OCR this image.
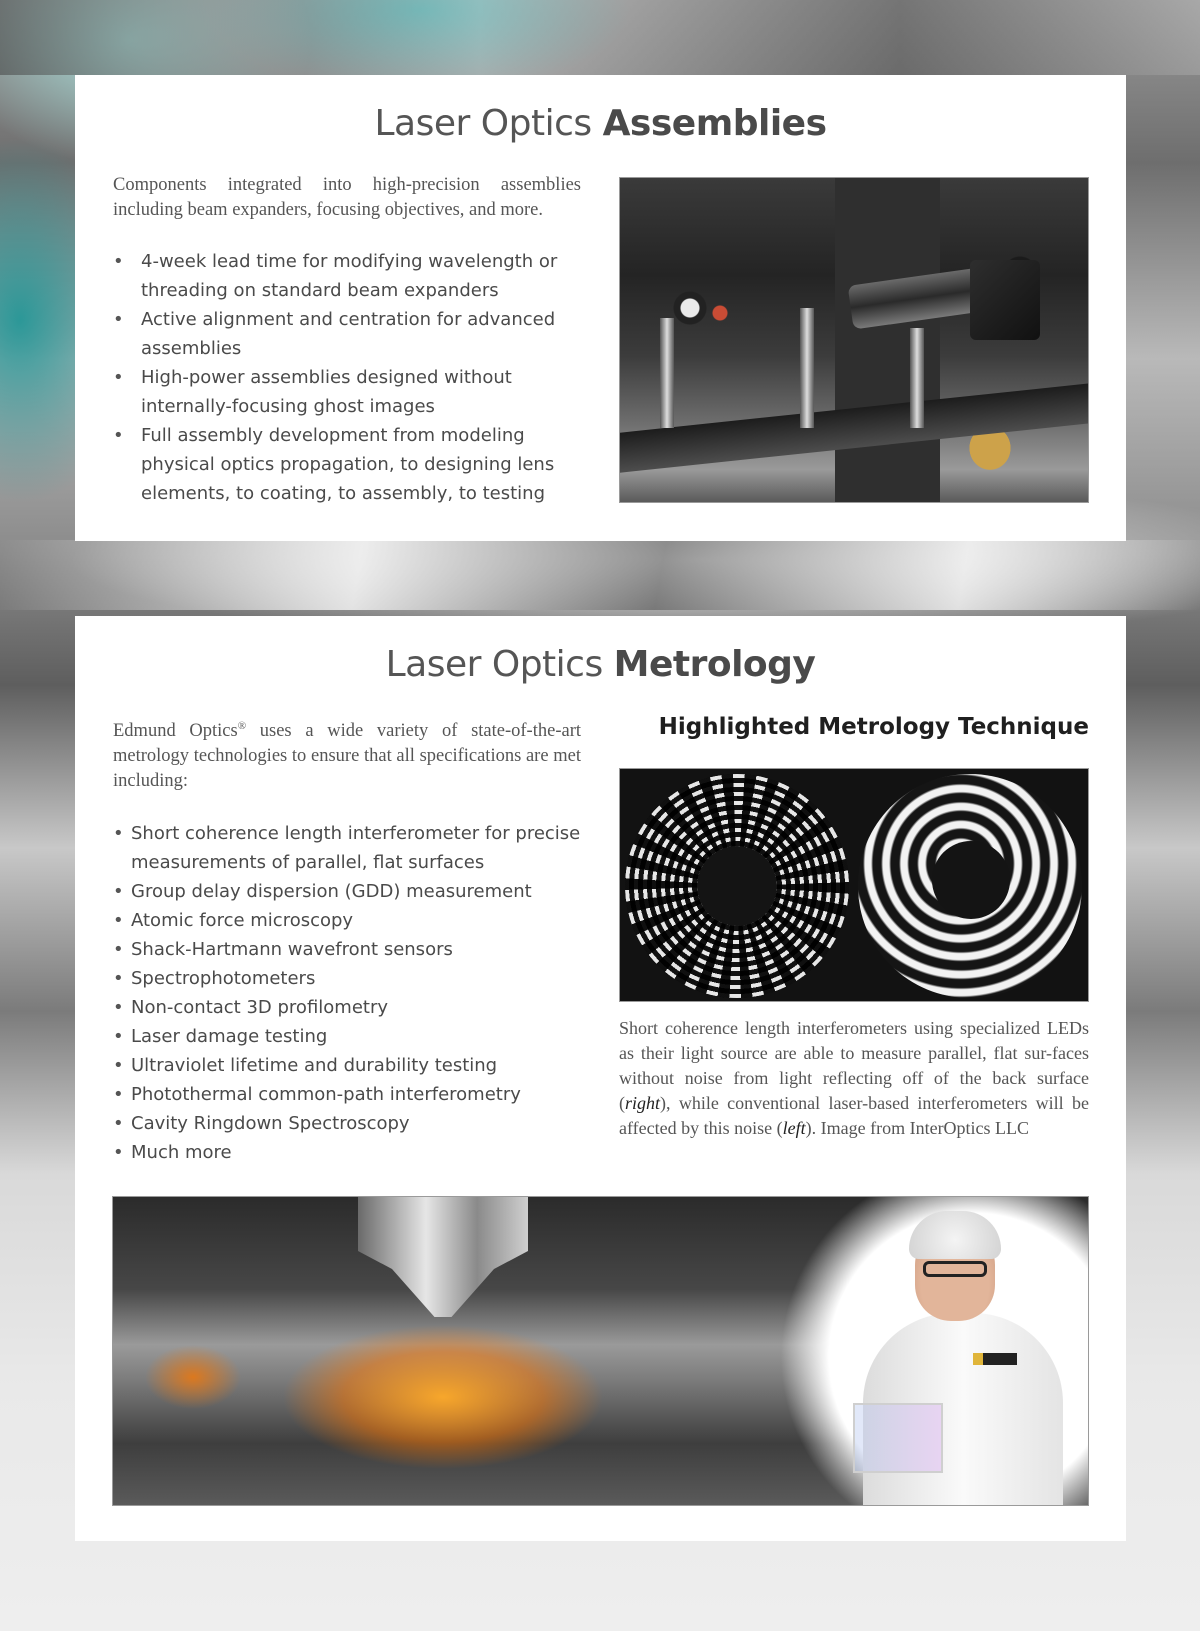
Laser Optics Assemblies

Components integrated into high-precision assemblies including beam expanders, focusing objectives, and more.

• 4-week lead time for modifying wavelength or threading on standard beam expanders
• Active alignment and centration for advanced assemblies
• High-power assemblies designed without internally-focusing ghost images
• Full assembly development from modeling physical optics propagation, to designing lens elements, to coating, to assembly, to testing
Laser Optics Metrology

Edmund Optics® uses a wide variety of state-of-the-art metrology technologies to ensure that all specifications are met including:

• Short coherence length interferometer for precise measurements of parallel, flat surfaces
• Group delay dispersion (GDD) measurement
• Atomic force microscopy
• Shack-Hartmann wavefront sensors
• Spectrophotometers
• Non-contact 3D profilometry
• Laser damage testing
• Ultraviolet lifetime and durability testing
• Photothermal common-path interferometry
• Cavity Ringdown Spectroscopy
• Much more
Highlighted Metrology Technique

Short coherence length interferometers using specialized LEDs as their light source are able to measure parallel, flat sur-faces without noise from light reflecting off of the back surface (right), while conventional laser-based interferometers will be affected by this noise (left). Image from InterOptics LLC
